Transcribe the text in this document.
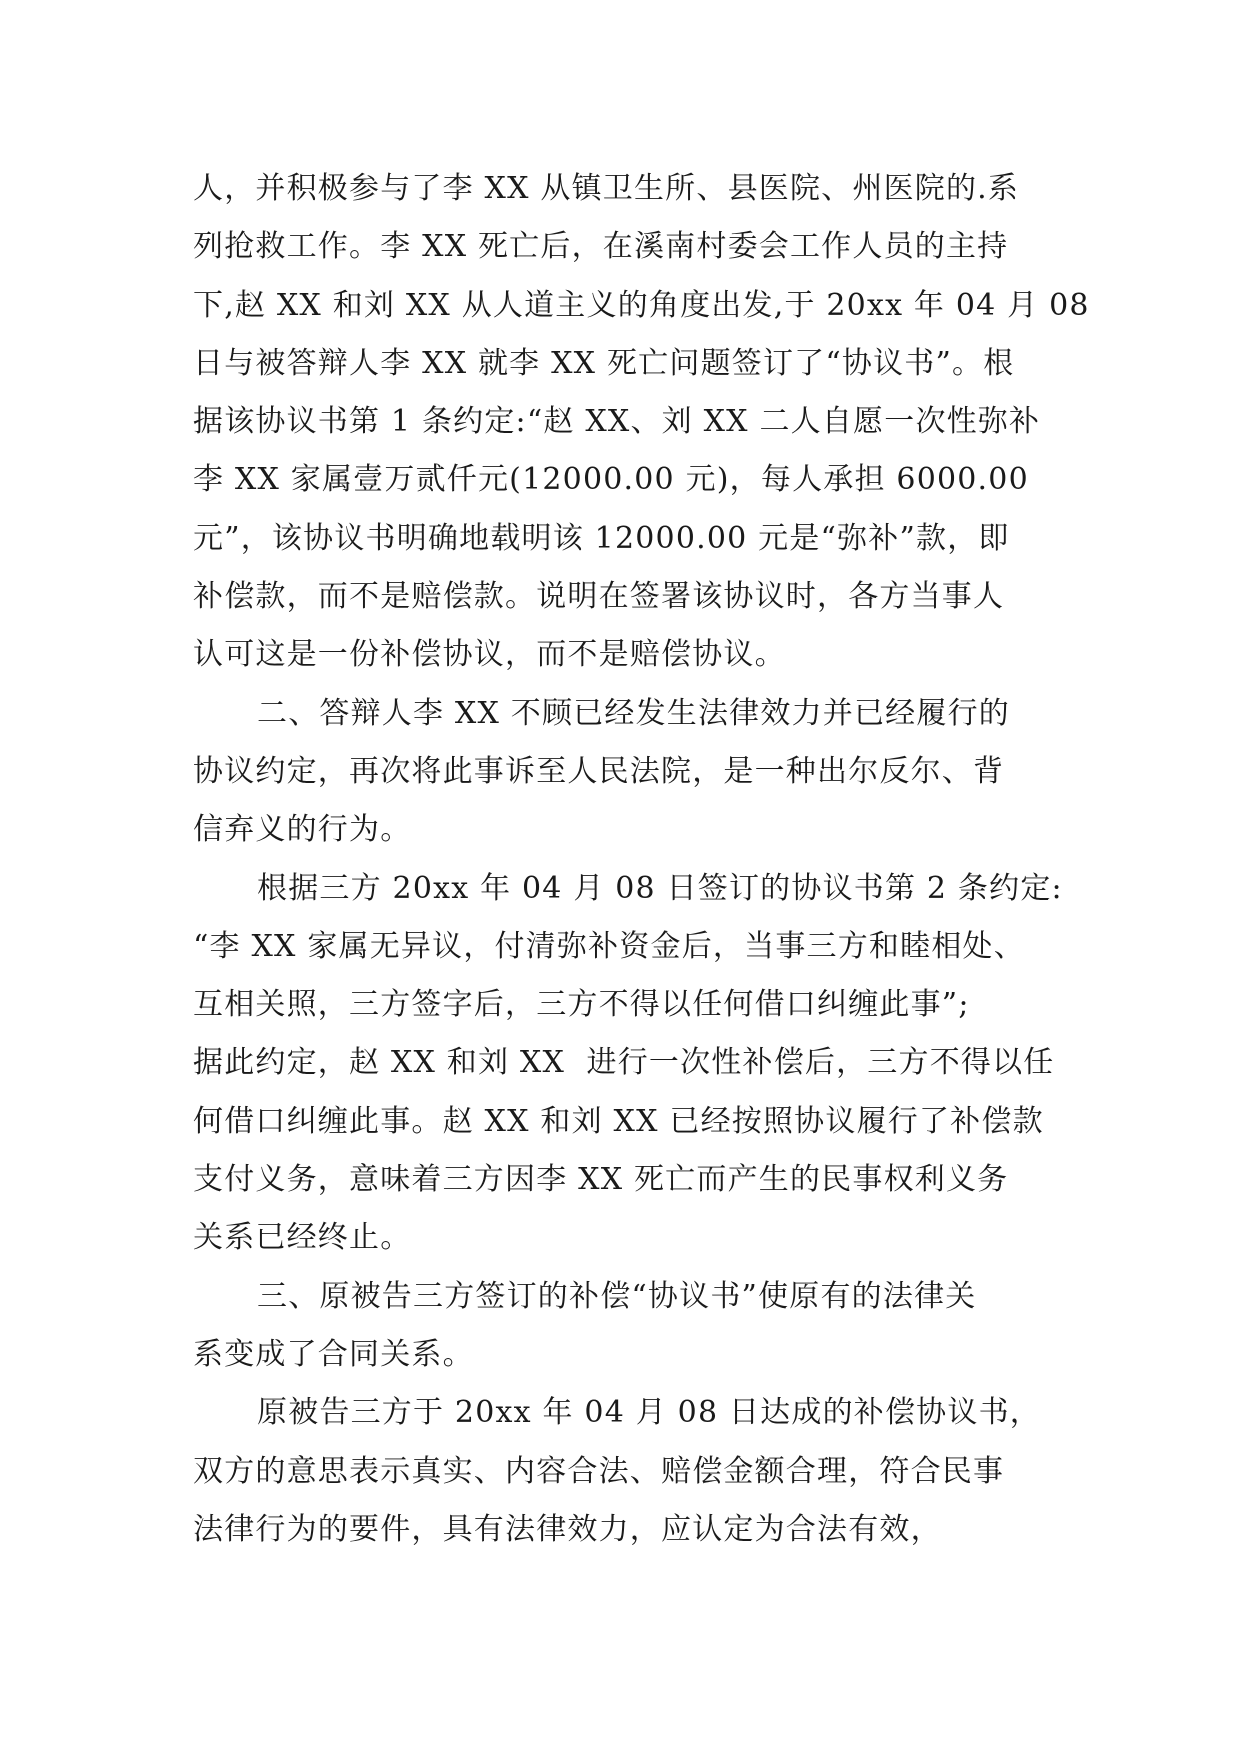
人，并积极参与了李 XX 从镇卫生所、县医院、州医院的.系
列抢救工作。李 XX 死亡后，在溪南村委会工作人员的主持
下,赵 XX 和刘 XX 从人道主义的角度出发,于 20xx 年 04 月 08
日与被答辩人李 XX 就李 XX 死亡问题签订了“协议书”。根
据该协议书第 1 条约定:“赵 XX、刘 XX 二人自愿一次性弥补
李 XX 家属壹万贰仟元(12000.00 元)，每人承担 6000.00
元”，该协议书明确地载明该 12000.00 元是“弥补”款，即
补偿款，而不是赔偿款。说明在签署该协议时，各方当事人
认可这是一份补偿协议，而不是赔偿协议。
二、答辩人李 XX 不顾已经发生法律效力并已经履行的
协议约定，再次将此事诉至人民法院，是一种出尔反尔、背
信弃义的行为。
根据三方 20xx 年 04 月 08 日签订的协议书第 2 条约定:
“李 XX 家属无异议，付清弥补资金后，当事三方和睦相处、
互相关照，三方签字后，三方不得以任何借口纠缠此事”;
据此约定，赵 XX 和刘 XX  进行一次性补偿后，三方不得以任
何借口纠缠此事。赵 XX 和刘 XX 已经按照协议履行了补偿款
支付义务，意味着三方因李 XX 死亡而产生的民事权利义务
关系已经终止。
三、原被告三方签订的补偿“协议书”使原有的法律关
系变成了合同关系。
原被告三方于 20xx 年 04 月 08 日达成的补偿协议书，
双方的意思表示真实、内容合法、赔偿金额合理，符合民事
法律行为的要件，具有法律效力，应认定为合法有效，
